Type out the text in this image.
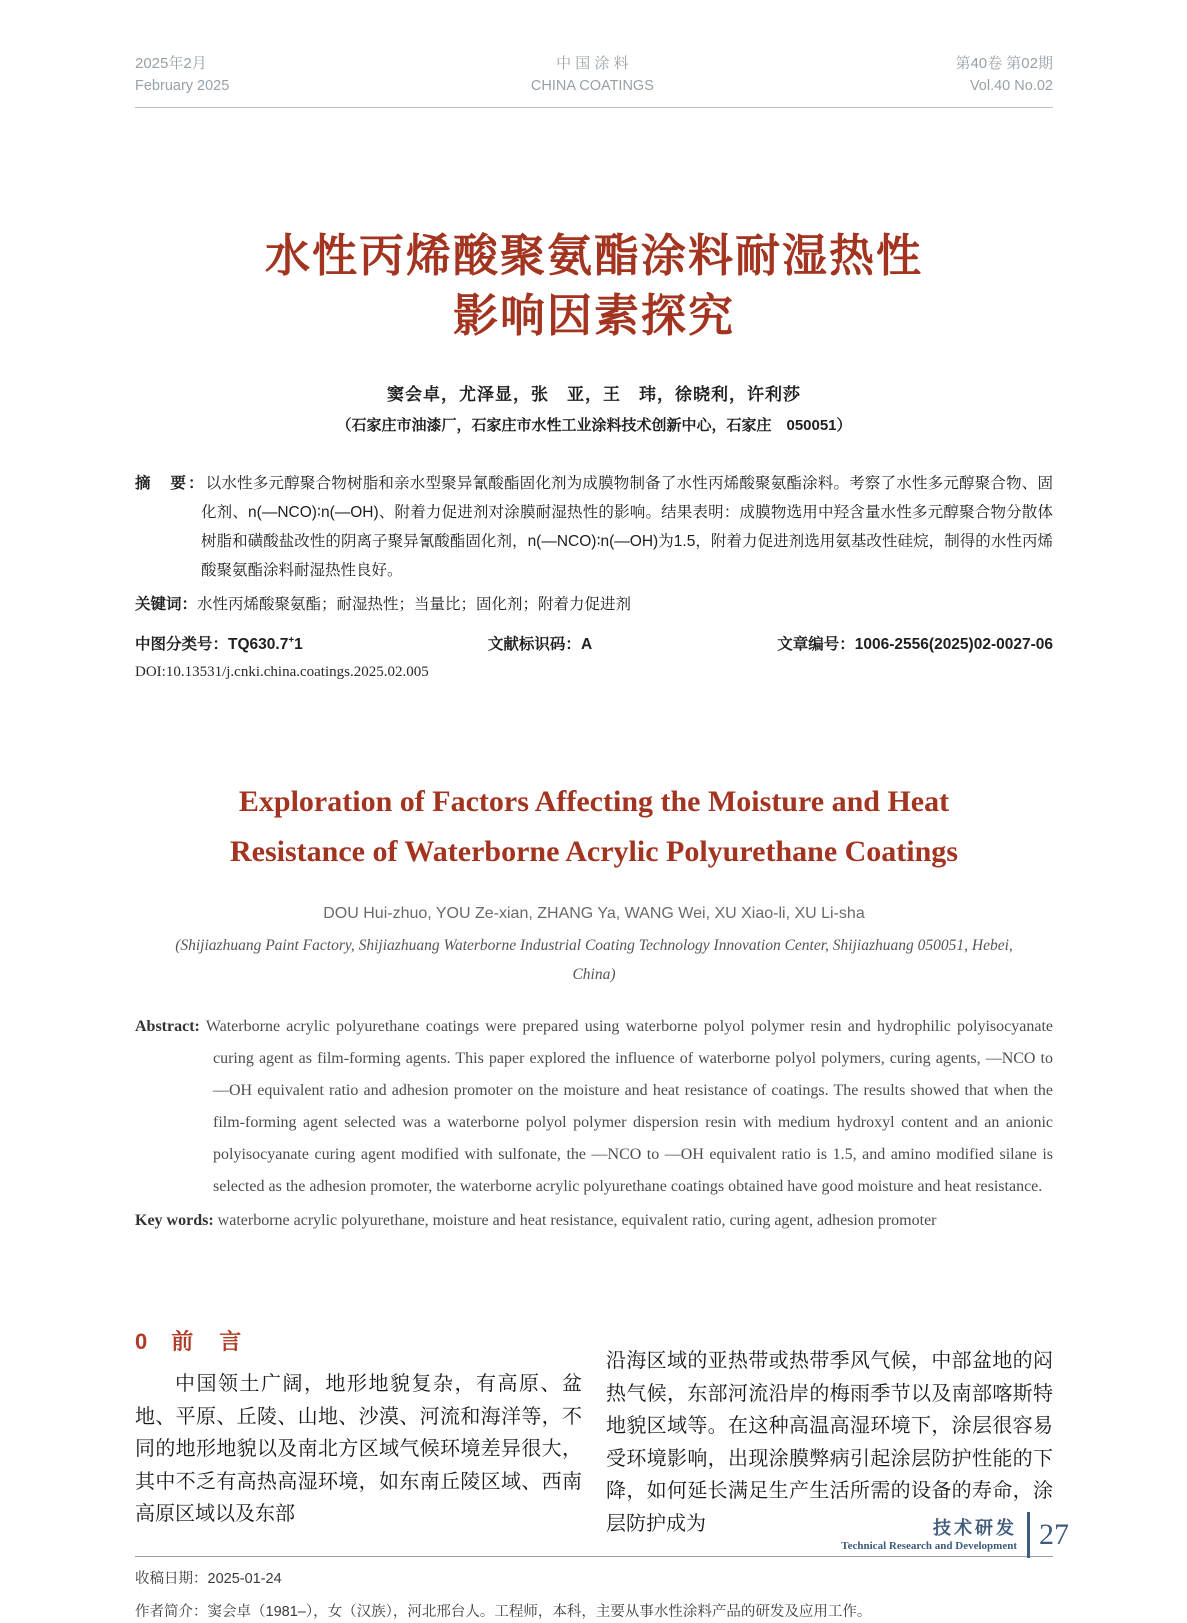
2025年2月
February 2025
中 国 涂 料
CHINA COATINGS
第40卷 第02期
Vol.40 No.02
水性丙烯酸聚氨酯涂料耐湿热性
影响因素探究
窦会卓，尤泽显，张　亚，王　玮，徐晓利，许利莎
（石家庄市油漆厂，石家庄市水性工业涂料技术创新中心，石家庄　050051）

摘　要：以水性多元醇聚合物树脂和亲水型聚异氰酸酯固化剂为成膜物制备了水性丙烯酸聚氨酯涂料。考察了水性多元醇聚合物、固化剂、n(—NCO)∶n(—OH)、附着力促进剂对涂膜耐湿热性的影响。结果表明：成膜物选用中羟含量水性多元醇聚合物分散体树脂和磺酸盐改性的阴离子聚异氰酸酯固化剂，n(—NCO)∶n(—OH)为1.5，附着力促进剂选用氨基改性硅烷，制得的水性丙烯酸聚氨酯涂料耐湿热性良好。

关键词：水性丙烯酸聚氨酯；耐湿热性；当量比；固化剂；附着力促进剂

中图分类号：TQ630.7+1	文献标识码：A	文章编号：1006-2556(2025)02-0027-06
DOI:10.13531/j.cnki.china.coatings.2025.02.005
Exploration of Factors Affecting the Moisture and Heat
Resistance of Waterborne Acrylic Polyurethane Coatings
DOU Hui-zhuo, YOU Ze-xian, ZHANG Ya, WANG Wei, XU Xiao-li, XU Li-sha
(Shijiazhuang Paint Factory, Shijiazhuang Waterborne Industrial Coating Technology Innovation Center, Shijiazhuang 050051, Hebei, China)

Abstract: Waterborne acrylic polyurethane coatings were prepared using waterborne polyol polymer resin and hydrophilic polyisocyanate curing agent as film-forming agents. This paper explored the influence of waterborne polyol polymers, curing agents, —NCO to —OH equivalent ratio and adhesion promoter on the moisture and heat resistance of coatings. The results showed that when the film-forming agent selected was a waterborne polyol polymer dispersion resin with medium hydroxyl content and an anionic polyisocyanate curing agent modified with sulfonate, the —NCO to —OH equivalent ratio is 1.5, and amino modified silane is selected as the adhesion promoter, the waterborne acrylic polyurethane coatings obtained have good moisture and heat resistance.

Key words: waterborne acrylic polyurethane, moisture and heat resistance, equivalent ratio, curing agent, adhesion promoter

0 前　言

中国领土广阔，地形地貌复杂，有高原、盆地、平原、丘陵、山地、沙漠、河流和海洋等，不同的地形地貌以及南北方区域气候环境差异很大，其中不乏有高热高湿环境，如东南丘陵区域、西南高原区域以及东部

沿海区域的亚热带或热带季风气候，中部盆地的闷热气候，东部河流沿岸的梅雨季节以及南部喀斯特地貌区域等。在这种高温高湿环境下，涂层很容易受环境影响，出现涂膜弊病引起涂层防护性能的下降，如何延长满足生产生活所需的设备的寿命，涂层防护成为

收稿日期：2025-01-24
作者简介：窦会卓（1981–），女（汉族），河北邢台人。工程师，本科，主要从事水性涂料产品的研发及应用工作。
技术研发
Technical Research and Development 27
